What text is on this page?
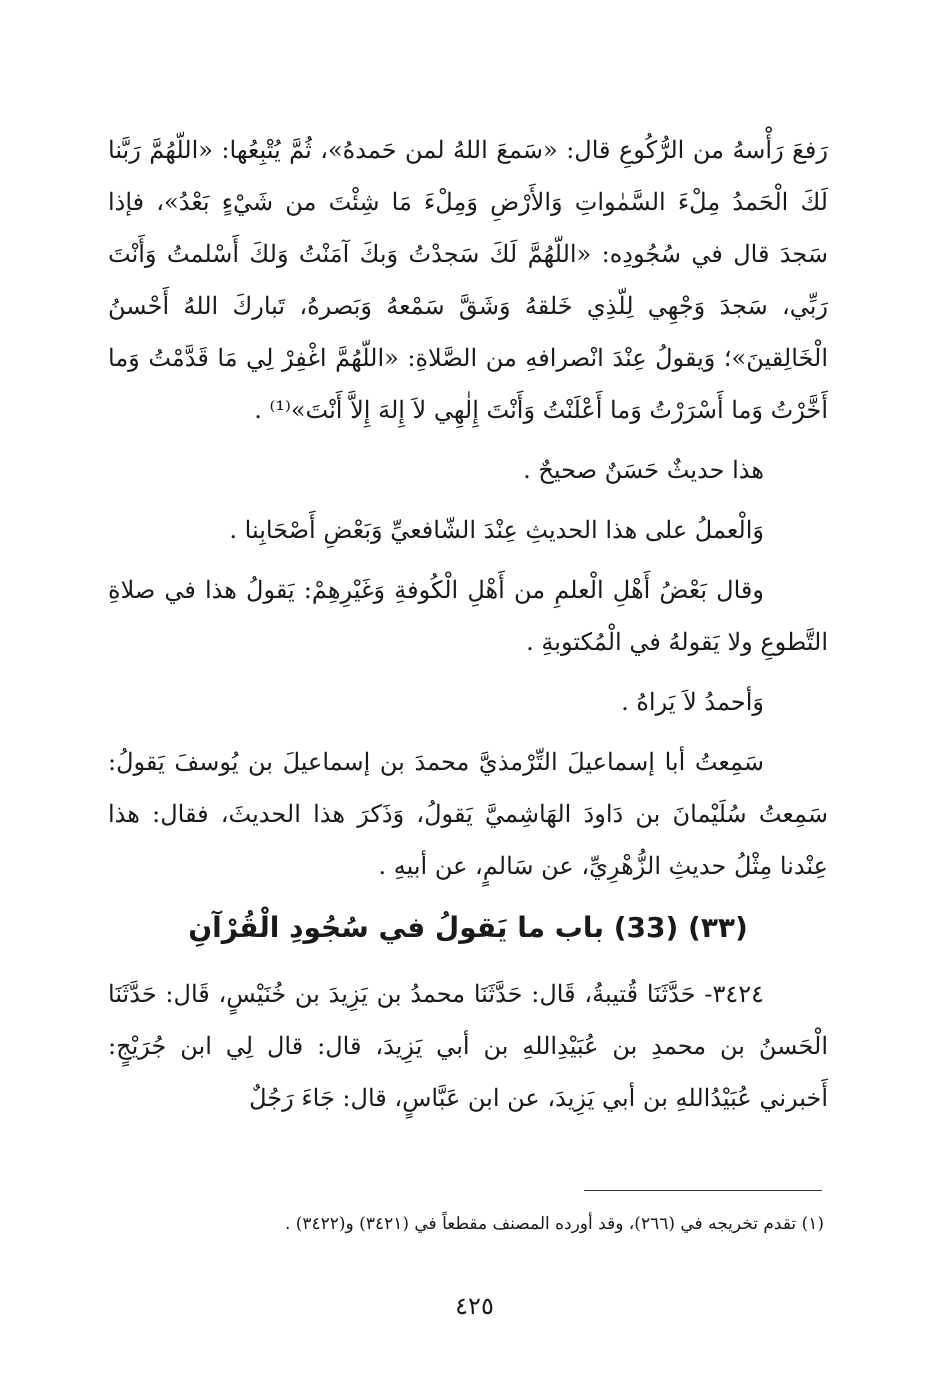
رَفعَ رَأْسهُ من الرُّكُوعِ قال: «سَمعَ اللهُ لمن حَمدهُ»، ثُمَّ يُتْبِعُها: «اللّهُمَّ رَبَّنا لَكَ الْحَمدُ مِلْءَ السَّمٰواتِ وَالأَرْضِ وَمِلْءَ مَا شِئْتَ من شَيْءٍ بَعْدُ»، فإذا سَجدَ قال في سُجُودِه: «اللّهُمَّ لَكَ سَجدْتُ وَبكَ آمَنْتُ وَلكَ أَسْلمتُ وَأَنْتَ رَبِّي، سَجدَ وَجْهِي لِلّذِي خَلقهُ وَشَقَّ سَمْعهُ وَبَصرهُ، تَباركَ اللهُ أَحْسنُ الْخَالِقينَ»؛ وَيقولُ عِنْدَ انْصرافهِ من الصَّلاةِ: «اللّهُمَّ اغْفِرْ لِي مَا قَدَّمْتُ وَما أَخَّرْتُ وَما أَسْرَرْتُ وَما أَعْلَنْتُ وَأَنْتَ إِلٰهِي لاَ إِلهَ إِلاَّ أَنْتَ»⁽¹⁾ .

هذا حديثٌ حَسَنٌ صحيحٌ .

وَالْعملُ على هذا الحديثِ عِنْدَ الشّافعيِّ وَبَعْضِ أَصْحَابِنا .

وقال بَعْضُ أَهْلِ الْعلمِ من أَهْلِ الْكُوفةِ وَغَيْرِهِمْ: يَقولُ هذا في صلاةِ التَّطوعِ ولا يَقولهُ في الْمُكتوبةِ .

وَأحمدُ لاَ يَراهُ .

سَمِعتُ أبا إسماعيلَ التِّرْمذيَّ محمدَ بن إسماعيلَ بن يُوسفَ يَقولُ: سَمِعتُ سُلَيْمانَ بن دَاودَ الهَاشِميَّ يَقولُ، وَذَكرَ هذا الحديثَ، فقال: هذا عِنْدنا مِثْلُ حديثِ الزُّهْرِيِّ، عن سَالمٍ، عن أبيهِ .

(٣٣) (33) باب ما يَقولُ في سُجُودِ الْقُرْآنِ

٣٤٢٤- حَدَّثَنَا قُتيبةُ، قَال: حَدَّثَنَا محمدُ بن يَزِيدَ بن خُنَيْسٍ، قَال: حَدَّثَنَا الْحَسنُ بن محمدِ بن عُبَيْدِاللهِ بن أبي يَزِيدَ، قال: قال لِي ابن جُرَيْجٍ: أَخبرني عُبَيْدُاللهِ بن أبي يَزِيدَ، عن ابن عَبَّاسٍ، قال: جَاءَ رَجُلٌ

(١) تقدم تخريجه في (٢٦٦)، وقد أورده المصنف مقطعاً في (٣٤٢١) و(٣٤٢٢) .
٤٢٥
